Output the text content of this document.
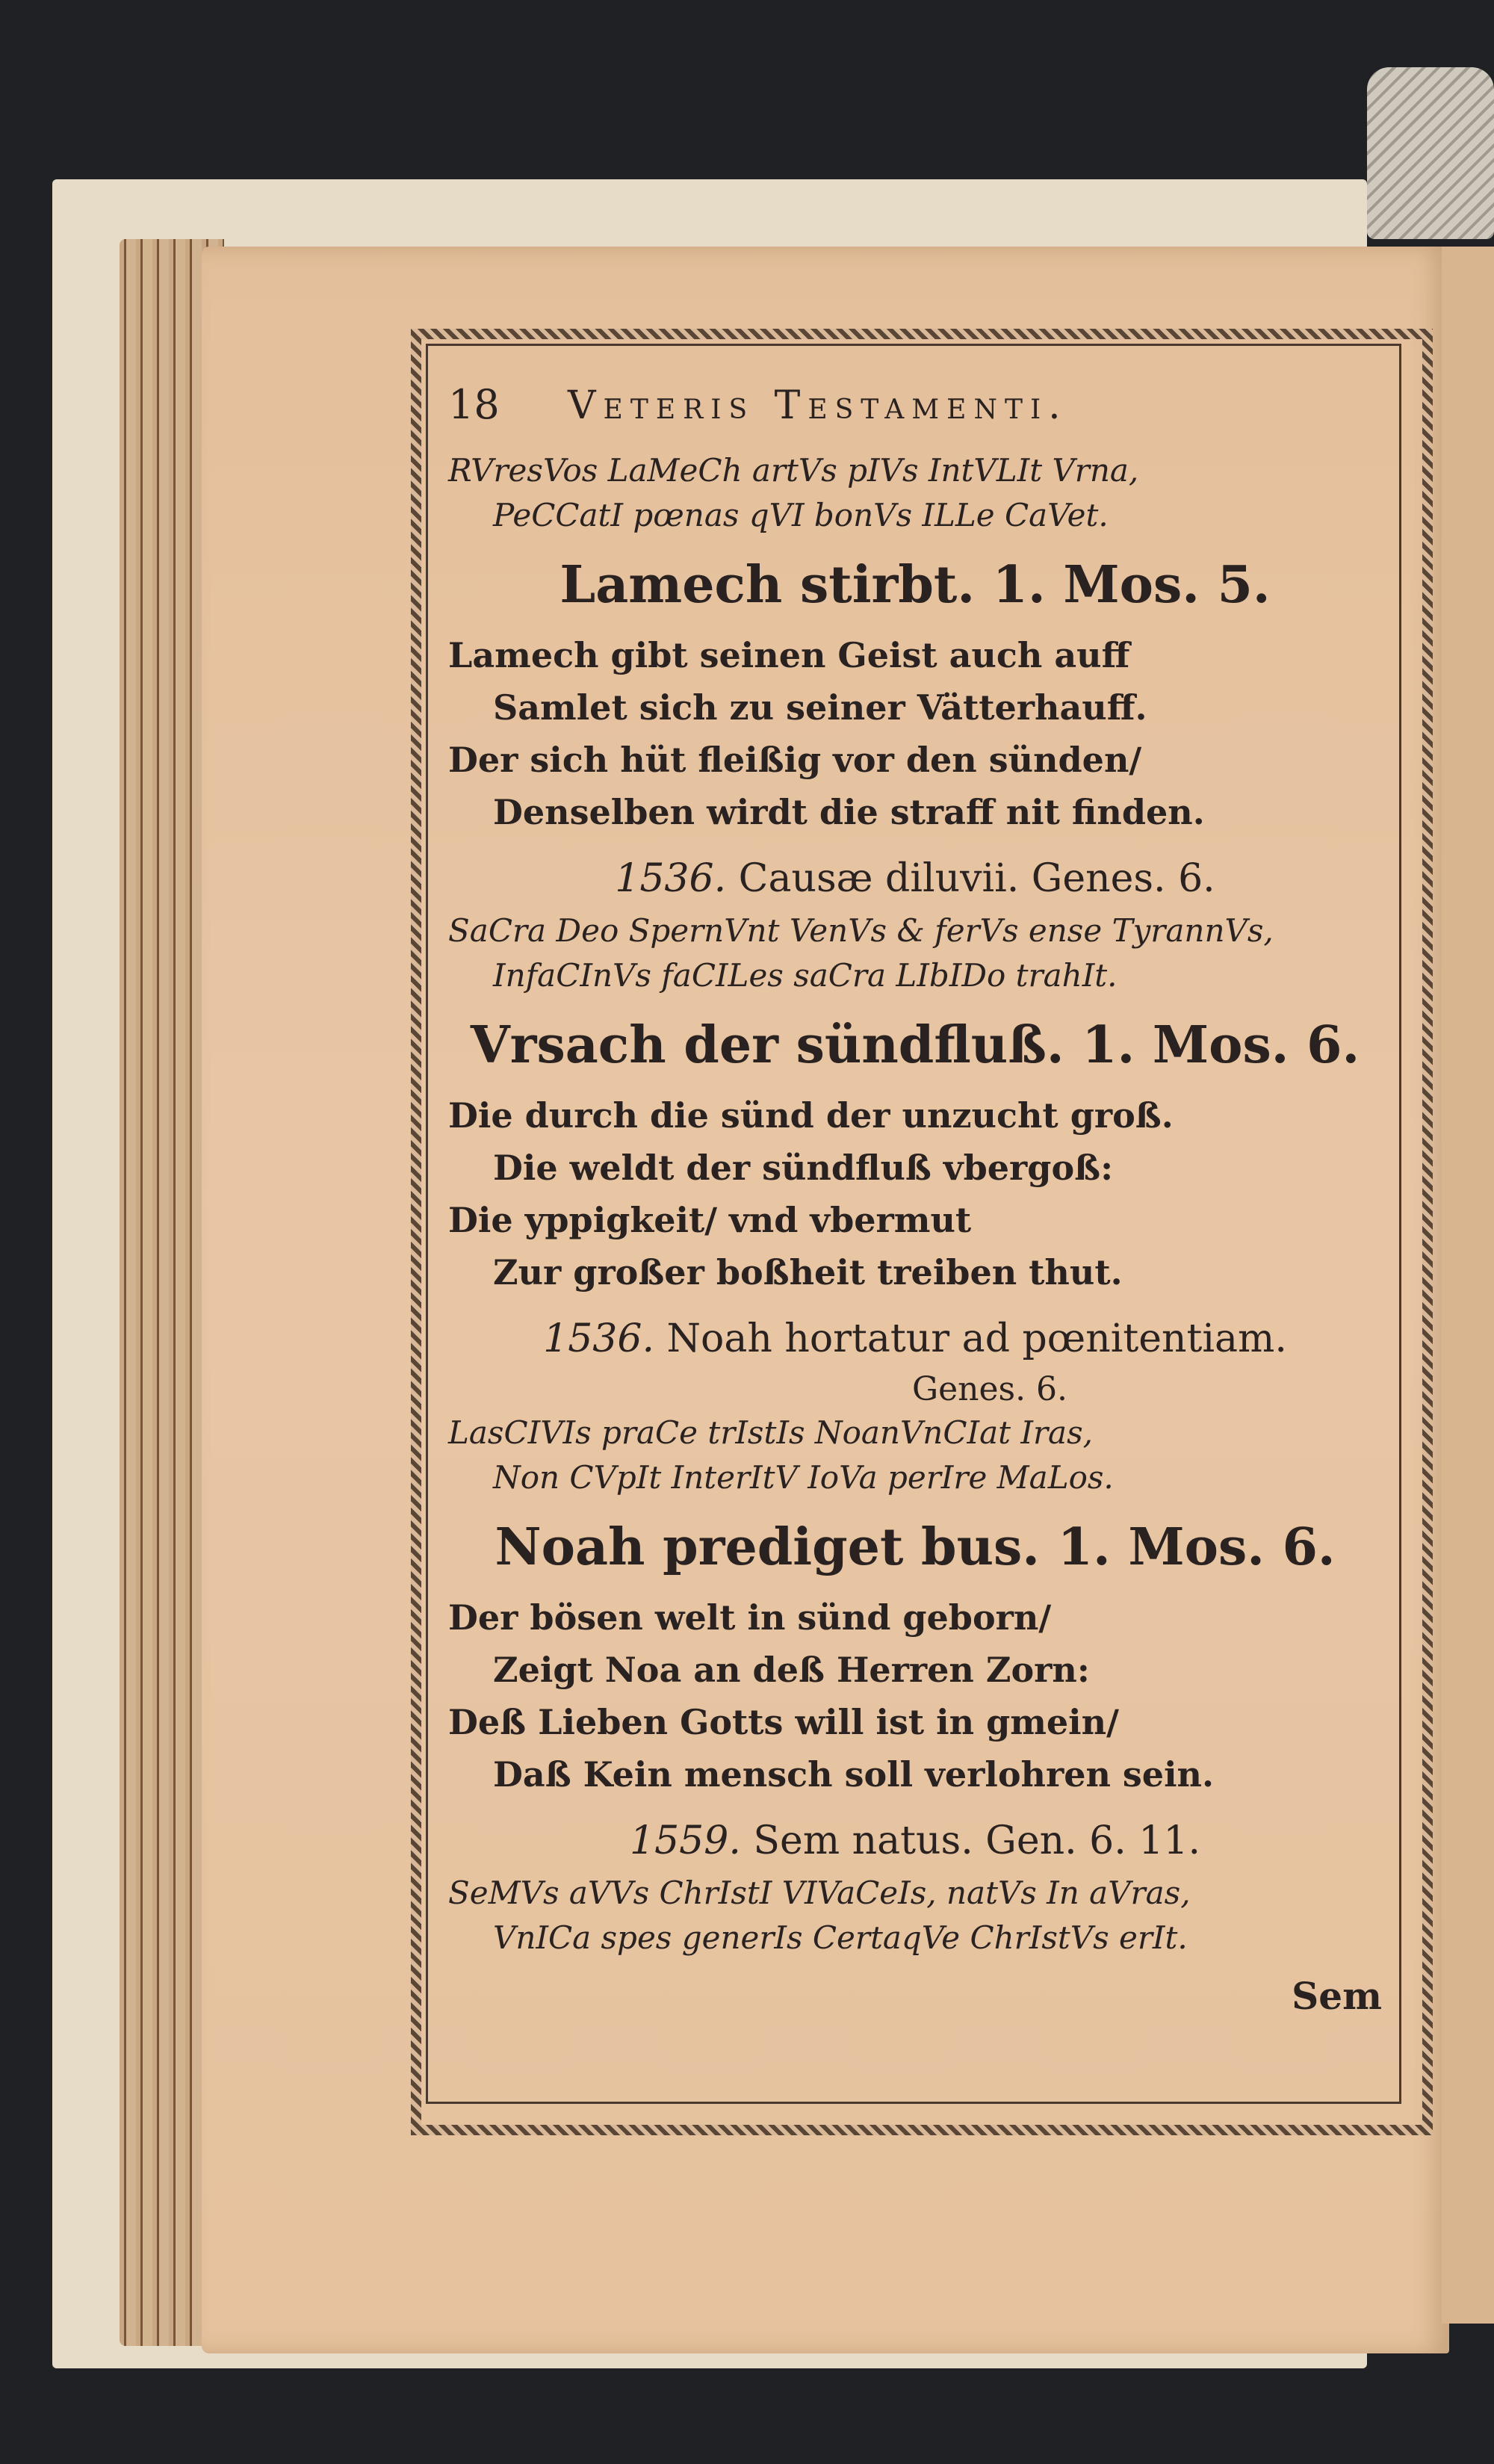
18	Veteris Testamenti.

RVresVos LaMeCh artVs pIVs IntVLIt Vrna,
PeCCatI pœnas qVI bonVs ILLe CaVet.

Lamech stirbt. 1. Mos. 5.
Lamech gibt seinen Geist auch auff
Samlet sich zu seiner Vätterhauff.
Der sich hüt fleißig vor den sünden/
Denselben wirdt die straff nit finden.
1536. Causæ diluvii. Genes. 6.

SaCra Deo SpernVnt VenVs & ferVs ense TyrannVs,
InfaCInVs faCILes saCra LIbIDo trahIt.

Vrsach der sündfluß. 1. Mos. 6.
Die durch die sünd der unzucht groß.
Die weldt der sündfluß vbergoß:
Die yppigkeit/ vnd vbermut
Zur großer boßheit treiben thut.
1536. Noah hortatur ad pœnitentiam.
Genes. 6.

LasCIVIs praCe trIstIs NoanVnCIat Iras,
Non CVpIt InterItV IoVa perIre MaLos.

Noah prediget bus. 1. Mos. 6.
Der bösen welt in sünd geborn/
Zeigt Noa an deß Herren Zorn:
Deß Lieben Gotts will ist in gmein/
Daß Kein mensch soll verlohren sein.
1559. Sem natus. Gen. 6. 11.

SeMVs aVVs ChrIstI VIVaCeIs, natVs In aVras,
VnICa spes generIs CertaqVe ChrIstVs erIt.

Sem
